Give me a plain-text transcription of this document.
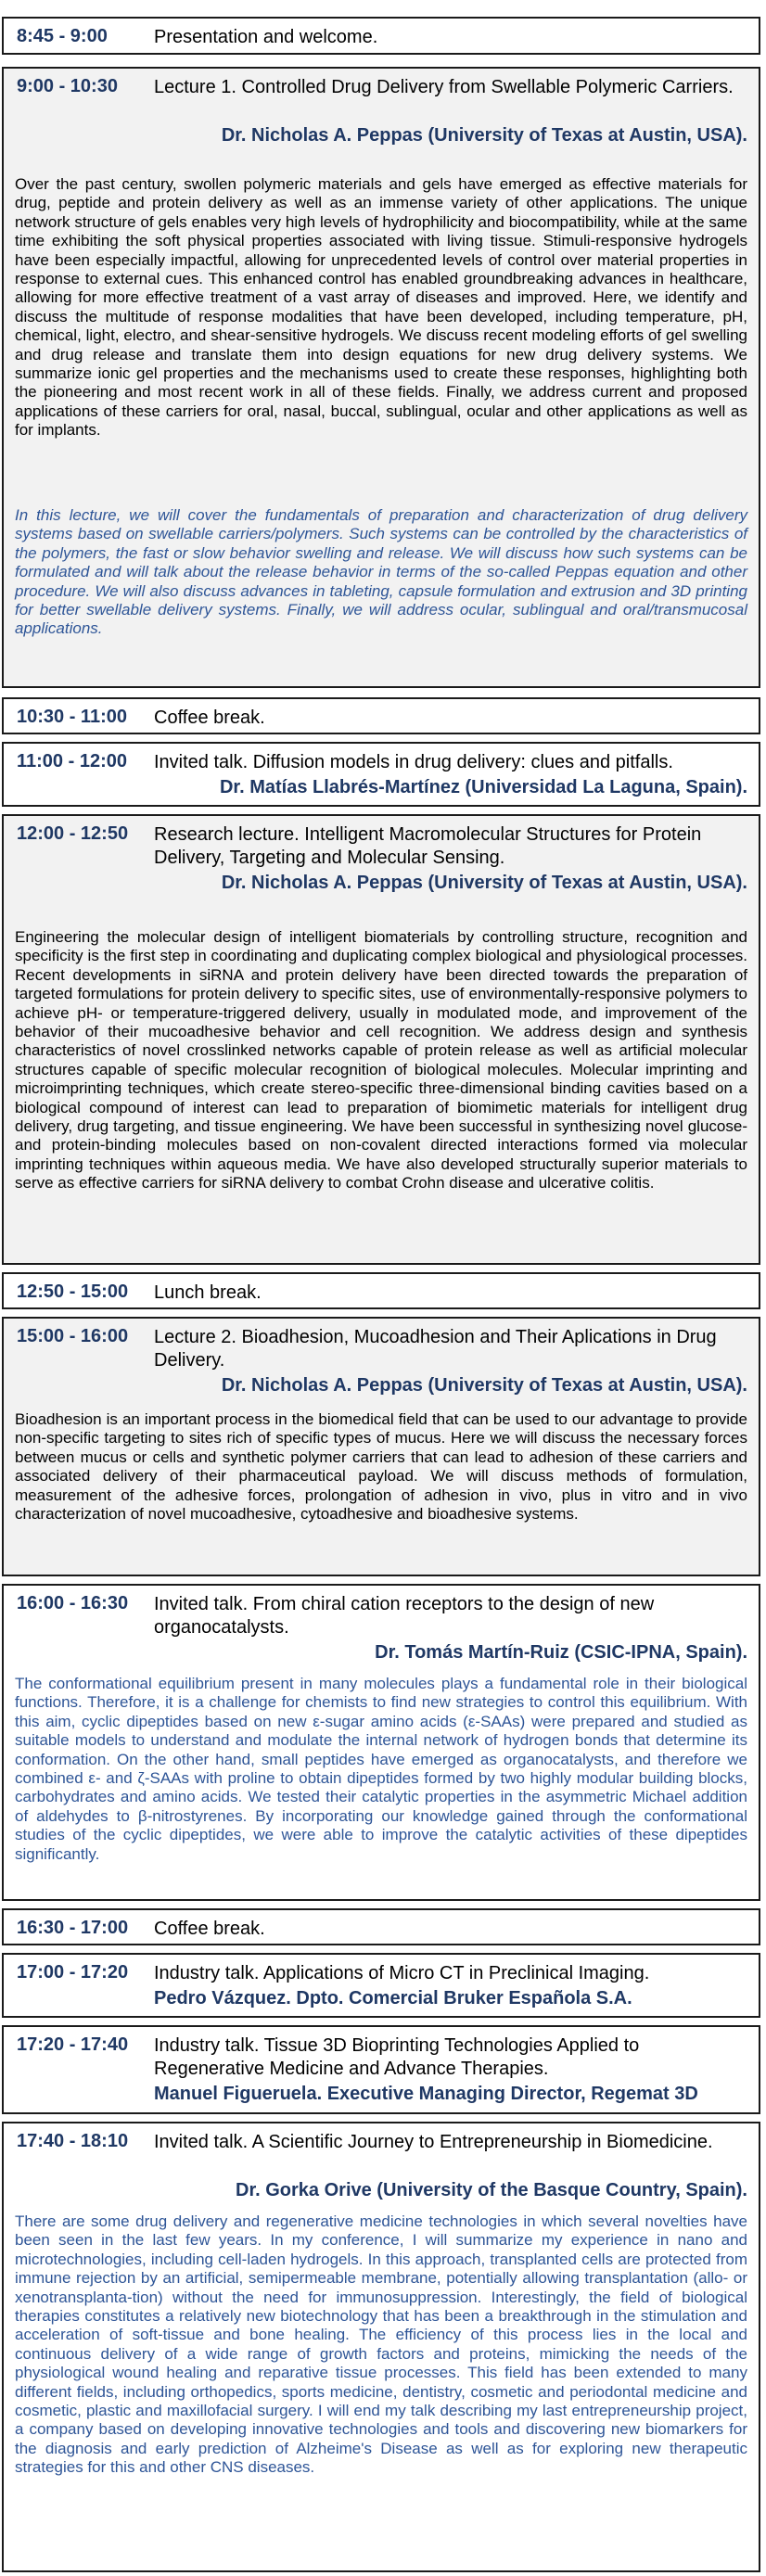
8:45 - 9:00	Presentation and welcome.
9:00 - 10:30	Lecture 1. Controlled Drug Delivery from Swellable Polymeric Carriers.
Dr. Nicholas A. Peppas (University of Texas at Austin, USA).
Over the past century, swollen polymeric materials and gels have emerged as effective materials for drug, peptide and protein delivery as well as an immense variety of other applications. The unique network structure of gels enables very high levels of hydrophilicity and biocompatibility, while at the same time exhibiting the soft physical properties associated with living tissue. Stimuli-responsive hydrogels have been especially impactful, allowing for unprecedented levels of control over material properties in response to external cues. This enhanced control has enabled groundbreaking advances in healthcare, allowing for more effective treatment of a vast array of diseases and improved. Here, we identify and discuss the multitude of response modalities that have been developed, including temperature, pH, chemical, light, electro, and shear-sensitive hydrogels. We discuss recent modeling efforts of gel swelling and drug release and translate them into design equations for new drug delivery systems. We summarize ionic gel properties and the mechanisms used to create these responses, highlighting both the pioneering and most recent work in all of these fields. Finally, we address current and proposed applications of these carriers for oral, nasal, buccal, sublingual, ocular and other applications as well as for implants.
In this lecture, we will cover the fundamentals of preparation and characterization of drug delivery systems based on swellable carriers/polymers. Such systems can be controlled by the characteristics of the polymers, the fast or slow behavior swelling and release. We will discuss how such systems can be formulated and will talk about the release behavior in terms of the so-called Peppas equation and other procedure. We will also discuss advances in tableting, capsule formulation and extrusion and 3D printing for better swellable delivery systems. Finally, we will address ocular, sublingual and oral/transmucosal applications.
10:30 - 11:00	Coffee break.
11:00 - 12:00	Invited talk. Diffusion models in drug delivery: clues and pitfalls.
Dr. Matías Llabrés-Martínez (Universidad La Laguna, Spain).
12:00 - 12:50	Research lecture. Intelligent Macromolecular Structures for Protein Delivery, Targeting and Molecular Sensing.
Dr. Nicholas A. Peppas (University of Texas at Austin, USA).
Engineering the molecular design of intelligent biomaterials by controlling structure, recognition and specificity is the first step in coordinating and duplicating complex biological and physiological processes. Recent developments in siRNA and protein delivery have been directed towards the preparation of targeted formulations for protein delivery to specific sites, use of environmentally-responsive polymers to achieve pH- or temperature-triggered delivery, usually in modulated mode, and improvement of the behavior of their mucoadhesive behavior and cell recognition. We address design and synthesis characteristics of novel crosslinked networks capable of protein release as well as artificial molecular structures capable of specific molecular recognition of biological molecules. Molecular imprinting and microimprinting techniques, which create stereo-specific three-dimensional binding cavities based on a biological compound of interest can lead to preparation of biomimetic materials for intelligent drug delivery, drug targeting, and tissue engineering. We have been successful in synthesizing novel glucose- and protein-binding molecules based on non-covalent directed interactions formed via molecular imprinting techniques within aqueous media. We have also developed structurally superior materials to serve as effective carriers for siRNA delivery to combat Crohn disease and ulcerative colitis.
12:50 - 15:00	Lunch break.
15:00 - 16:00	Lecture 2. Bioadhesion, Mucoadhesion and Their Aplications in Drug Delivery.
Dr. Nicholas A. Peppas (University of Texas at Austin, USA).
Bioadhesion is an important process in the biomedical field that can be used to our advantage to provide non-specific targeting to sites rich of specific types of mucus. Here we will discuss the necessary forces between mucus or cells and synthetic polymer carriers that can lead to adhesion of these carriers and associated delivery of their pharmaceutical payload. We will discuss methods of formulation, measurement of the adhesive forces, prolongation of adhesion in vivo, plus in vitro and in vivo characterization of novel mucoadhesive, cytoadhesive and bioadhesive systems.
16:00 - 16:30	Invited talk. From chiral cation receptors to the design of new organocatalysts.
Dr. Tomás Martín-Ruiz (CSIC-IPNA, Spain).
The conformational equilibrium present in many molecules plays a fundamental role in their biological functions. Therefore, it is a challenge for chemists to find new strategies to control this equilibrium. With this aim, cyclic dipeptides based on new ε-sugar amino acids (ε-SAAs) were prepared and studied as suitable models to understand and modulate the internal network of hydrogen bonds that determine its conformation. On the other hand, small peptides have emerged as organocatalysts, and therefore we combined ε- and ζ-SAAs with proline to obtain dipeptides formed by two highly modular building blocks, carbohydrates and amino acids. We tested their catalytic properties in the asymmetric Michael addition of aldehydes to β-nitrostyrenes. By incorporating our knowledge gained through the conformational studies of the cyclic dipeptides, we were able to improve the catalytic activities of these dipeptides significantly.
16:30 - 17:00	Coffee break.
17:00 - 17:20	Industry talk. Applications of Micro CT in Preclinical Imaging.
Pedro Vázquez. Dpto. Comercial Bruker Española S.A.
17:20 - 17:40	Industry talk. Tissue 3D Bioprinting Technologies Applied to Regenerative Medicine and Advance Therapies.
Manuel Figueruela. Executive Managing Director, Regemat 3D
17:40 - 18:10	Invited talk. A Scientific Journey to Entrepreneurship in Biomedicine.
Dr. Gorka Orive (University of the Basque Country, Spain).
There are some drug delivery and regenerative medicine technologies in which several novelties have been seen in the last few years. In my conference, I will summarize my experience in nano and microtechnologies, including cell-laden hydrogels. In this approach, transplanted cells are protected from immune rejection by an artificial, semipermeable membrane, potentially allowing transplantation (allo- or xenotransplanta-tion) without the need for immunosuppression. Interestingly, the field of biological therapies constitutes a relatively new biotechnology that has been a breakthrough in the stimulation and acceleration of soft-tissue and bone healing. The efficiency of this process lies in the local and continuous delivery of a wide range of growth factors and proteins, mimicking the needs of the physiological wound healing and reparative tissue processes. This field has been extended to many different fields, including orthopedics, sports medicine, dentistry, cosmetic and periodontal medicine and cosmetic, plastic and maxillofacial surgery. I will end my talk describing my last entrepreneurship project, a company based on developing innovative technologies and tools and discovering new biomarkers for the diagnosis and early prediction of Alzheime's Disease as well as for exploring new therapeutic strategies for this and other CNS diseases.
